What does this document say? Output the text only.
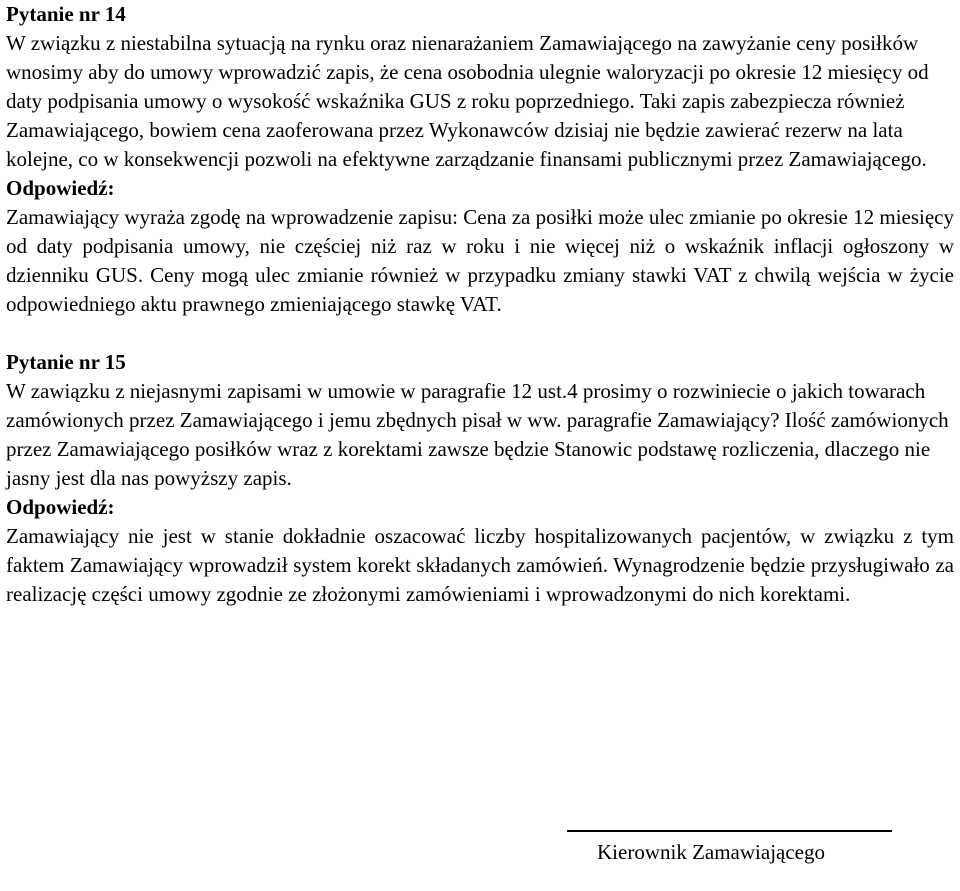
Pytanie nr 14

W związku z niestabilna sytuacją na rynku oraz nienarażaniem Zamawiającego na zawyżanie ceny posiłków wnosimy aby do umowy wprowadzić zapis, że cena osobodnia ulegnie waloryzacji po okresie 12 miesięcy od daty podpisania umowy o wysokość wskaźnika GUS z roku poprzedniego. Taki zapis zabezpiecza również Zamawiającego, bowiem cena zaoferowana przez Wykonawców dzisiaj nie będzie zawierać rezerw na lata kolejne, co w konsekwencji pozwoli na efektywne zarządzanie finansami publicznymi przez Zamawiającego.

Odpowiedź:

Zamawiający wyraża zgodę na wprowadzenie zapisu: Cena za posiłki może ulec zmianie po okresie 12 miesięcy od daty podpisania umowy, nie częściej niż raz w roku i nie więcej niż o wskaźnik inflacji ogłoszony w dzienniku GUS. Ceny mogą ulec zmianie również w przypadku zmiany stawki VAT z chwilą wejścia w życie odpowiedniego aktu prawnego zmieniającego stawkę VAT.

Pytanie nr 15

W zawiązku z niejasnymi zapisami w umowie w paragrafie 12 ust.4 prosimy o rozwiniecie o jakich towarach zamówionych przez Zamawiającego i jemu zbędnych pisał w ww. paragrafie Zamawiający? Ilość zamówionych przez Zamawiającego posiłków wraz z korektami zawsze będzie Stanowic podstawę rozliczenia, dlaczego nie jasny jest dla nas powyższy zapis.

Odpowiedź:

Zamawiający nie jest w stanie dokładnie oszacować liczby hospitalizowanych pacjentów, w związku z tym faktem Zamawiający wprowadził system korekt składanych zamówień. Wynagrodzenie będzie przysługiwało za realizację części umowy zgodnie ze złożonymi zamówieniami i wprowadzonymi do nich korektami.

Kierownik Zamawiającego
